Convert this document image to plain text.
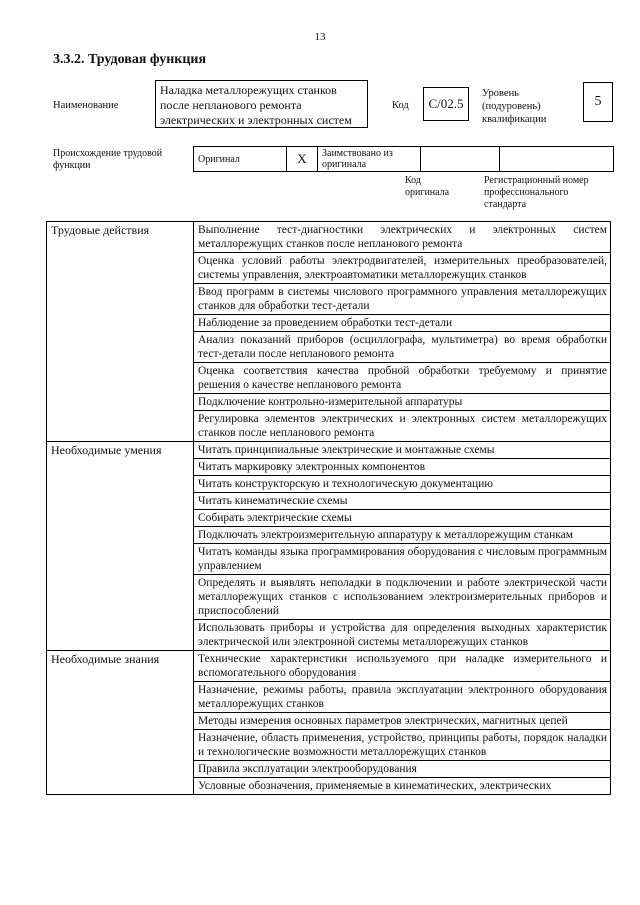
13
3.3.2. Трудовая функция
Наименование
Наладка металлорежущих станков после непланового ремонта электрических и электронных систем
Код	C/02.5
Уровень (подуровень) квалификации
5
Происхождение трудовой функции
Оригинал	X	Заимствовано из оригинала		
Код оригинала
Регистрационный номер профессионального стандарта
Трудовые действия	Выполнение тест-диагностики электрических и электронных систем металлорежущих станков после непланового ремонта
	Оценка условий работы электродвигателей, измерительных преобразователей, системы управления, электроавтоматики металлорежущих станков
	Ввод программ в системы числового программного управления металлорежущих станков для обработки тест-детали
	Наблюдение за проведением обработки тест-детали
	Анализ показаний приборов (осциллографа, мультиметра) во время обработки тест-детали после непланового ремонта
	Оценка соответствия качества пробной обработки требуемому и принятие решения о качестве непланового ремонта
	Подключение контрольно-измерительной аппаратуры
	Регулировка элементов электрических и электронных систем металлорежущих станков после непланового ремонта
Необходимые умения	Читать принципиальные электрические и монтажные схемы
	Читать маркировку электронных компонентов
	Читать конструкторскую и технологическую документацию
	Читать кинематические схемы
	Собирать электрические схемы
	Подключать электроизмерительную аппаратуру к металлорежущим станкам
	Читать команды языка программирования оборудования с числовым программным управлением
	Определять и выявлять неполадки в подключении и работе электрической части металлорежущих станков с использованием электроизмерительных приборов и приспособлений
	Использовать приборы и устройства для определения выходных характеристик электрической или электронной системы металлорежущих станков
Необходимые знания	Технические характеристики используемого при наладке измерительного и вспомогательного оборудования
	Назначение, режимы работы, правила эксплуатации электронного оборудования металлорежущих станков
	Методы измерения основных параметров электрических, магнитных цепей
	Назначение, область применения, устройство, принципы работы, порядок наладки и технологические возможности металлорежущих станков
	Правила эксплуатации электрооборудования
	Условные обозначения, применяемые в кинематических, электрических
